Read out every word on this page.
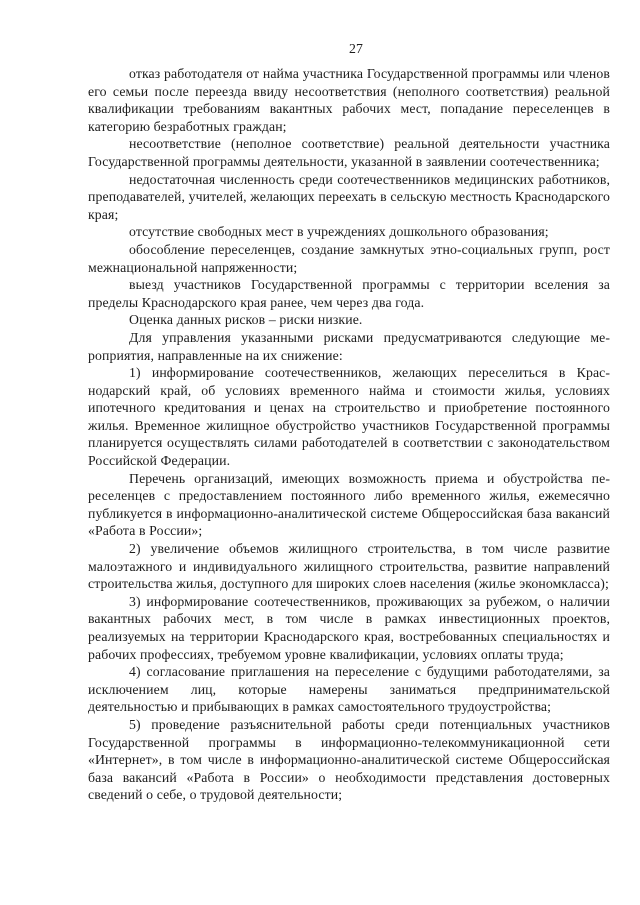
27

отказ работодателя от найма участника Государственной программы или членов его семьи после переезда ввиду несоответствия (неполного соответствия) реальной квалификации требованиям вакантных рабочих мест, попадание переселенцев в категорию безработных граждан;

несоответствие (неполное соответствие) реальной деятельности участника Государственной программы деятельности, указанной в заявлении соотечественника;

недостаточная численность среди соотечественников медицинских работников, преподавателей, учителей, желающих переехать в сельскую местность Краснодарского края;

отсутствие свободных мест в учреждениях дошкольного образования;

обособление переселенцев, создание замкнутых этно-социальных групп, рост межнациональной напряженности;

выезд участников Государственной программы с территории вселения за пределы Краснодарского края ранее, чем через два года.

Оценка данных рисков – риски низкие.

Для управления указанными рисками предусматриваются следующие мероприятия, направленные на их снижение:

1) информирование соотечественников, желающих переселиться в Краснодарский край, об условиях временного найма и стоимости жилья, условиях ипотечного кредитования и ценах на строительство и приобретение постоянного жилья. Временное жилищное обустройство участников Государственной программы планируется осуществлять силами работодателей в соответствии с законодательством Российской Федерации.

Перечень организаций, имеющих возможность приема и обустройства переселенцев с предоставлением постоянного либо временного жилья, ежемесячно публикуется в информационно-аналитической системе Общероссийская база вакансий «Работа в России»;

2) увеличение объемов жилищного строительства, в том числе развитие малоэтажного и индивидуального жилищного строительства, развитие направлений строительства жилья, доступного для широких слоев населения (жилье экономкласса);

3) информирование соотечественников, проживающих за рубежом, о наличии вакантных рабочих мест, в том числе в рамках инвестиционных проектов, реализуемых на территории Краснодарского края, востребованных специальностях и рабочих профессиях, требуемом уровне квалификации, условиях оплаты труда;

4) согласование приглашения на переселение с будущими работодателями, за исключением лиц, которые намерены заниматься предпринимательской деятельностью и прибывающих в рамках самостоятельного трудоустройства;

5) проведение разъяснительной работы среди потенциальных участников Государственной программы в информационно-телекоммуникационной сети «Интернет», в том числе в информационно-аналитической системе Общероссийская база вакансий «Работа в России» о необходимости представления достоверных сведений о себе, о трудовой деятельности;
